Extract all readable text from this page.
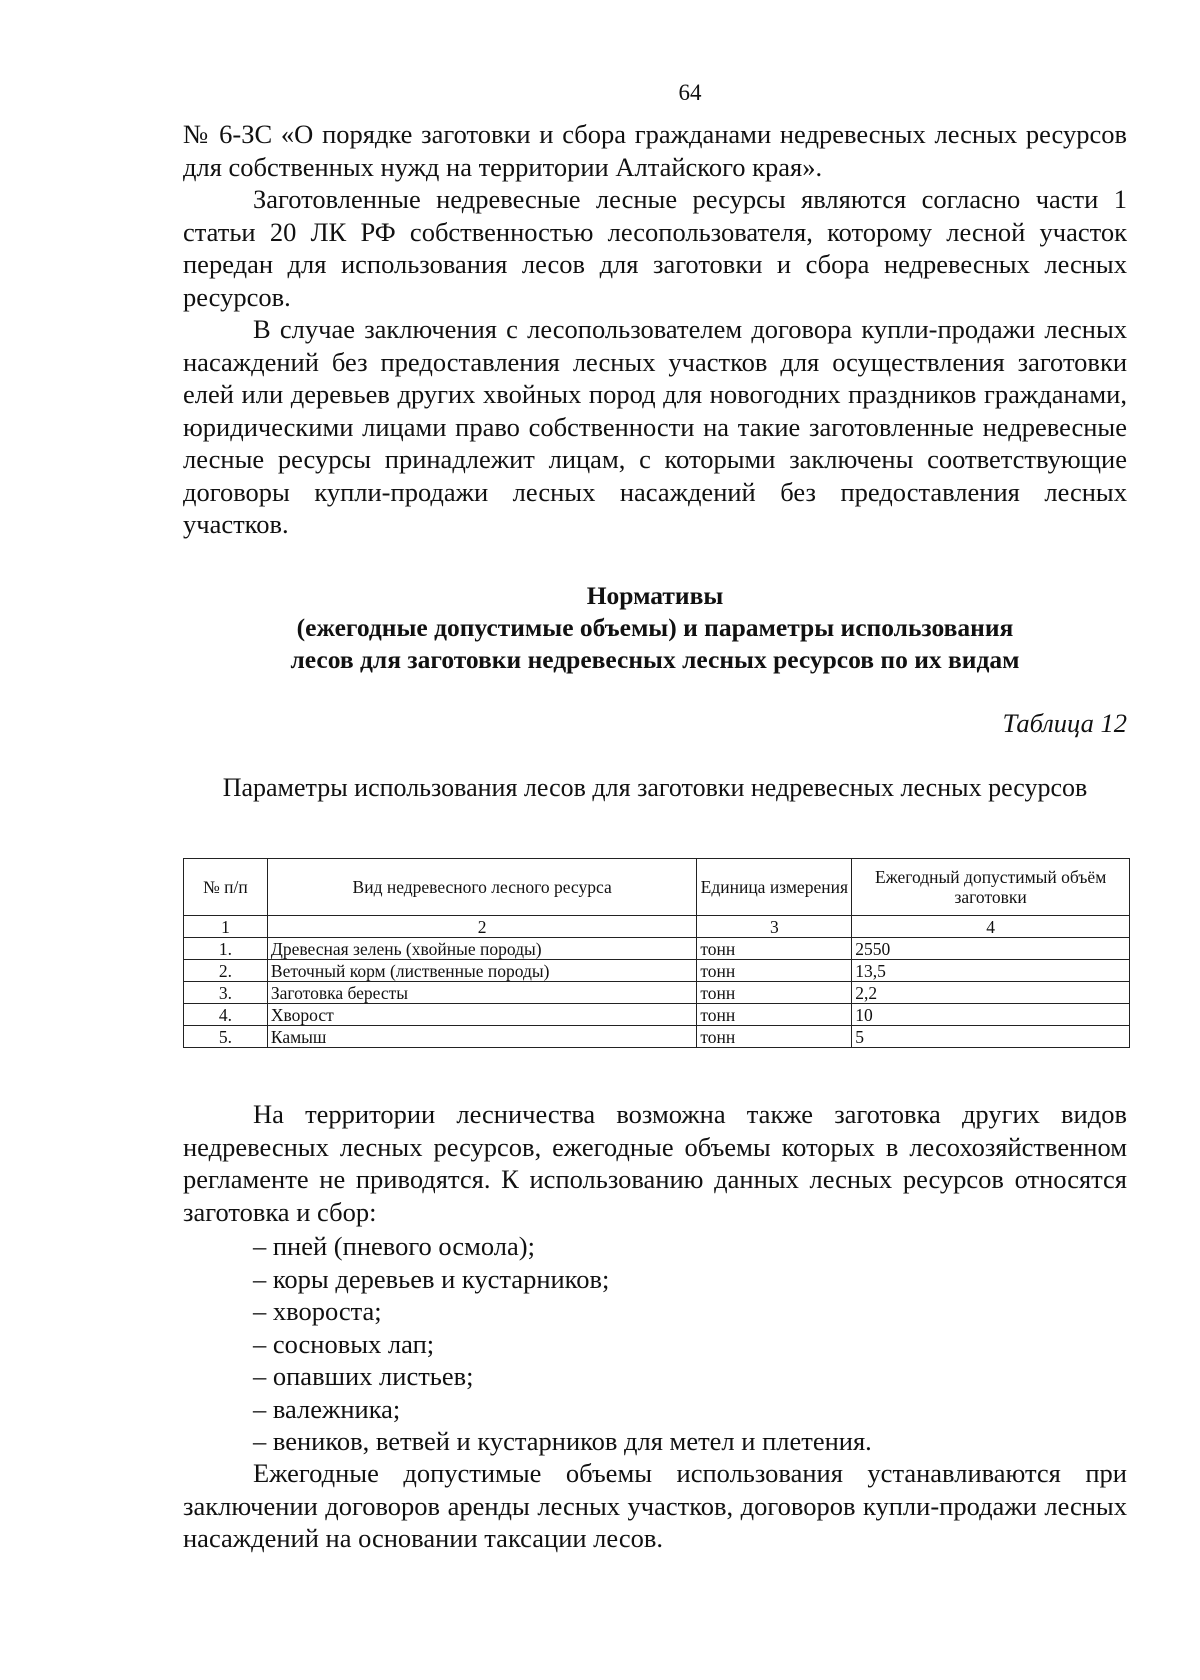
64

№ 6-ЗС «О порядке заготовки и сбора гражданами недревесных лесных ресурсов для собственных нужд на территории Алтайского края».

Заготовленные недревесные лесные ресурсы являются согласно части 1 статьи 20 ЛК РФ собственностью лесопользователя, которому лесной участок передан для использования лесов для заготовки и сбора недревесных лесных ресурсов.

В случае заключения с лесопользователем договора купли-продажи лесных насаждений без предоставления лесных участков для осуществления заготовки елей или деревьев других хвойных пород для новогодних праздников гражданами, юридическими лицами право собственности на такие заготовленные недревесные лесные ресурсы принадлежит лицам, с которыми заключены соответствующие договоры купли-продажи лесных насаждений без предоставления лесных участков.

Нормативы
(ежегодные допустимые объемы) и параметры использования
лесов для заготовки недревесных лесных ресурсов по их видам
Таблица 12
Параметры использования лесов для заготовки недревесных лесных ресурсов
№ п/п	Вид недревесного лесного ресурса	Единица измерения	Ежегодный допустимый объём заготовки
1	2	3	4
1.	Древесная зелень (хвойные породы)	тонн	2550
2.	Веточный корм (лиственные породы)	тонн	13,5
3.	Заготовка бересты	тонн	2,2
4.	Хворост	тонн	10
5.	Камыш	тонн	5

На территории лесничества возможна также заготовка других видов недревесных лесных ресурсов, ежегодные объемы которых в лесохозяйственном регламенте не приводятся. К использованию данных лесных ресурсов относятся заготовка и сбор:

– пней (пневого осмола);
– коры деревьев и кустарников;
– хвороста;
– сосновых лап;
– опавших листьев;
– валежника;
– веников, ветвей и кустарников для метел и плетения.

Ежегодные допустимые объемы использования устанавливаются при заключении договоров аренды лесных участков, договоров купли-продажи лесных насаждений на основании таксации лесов.
